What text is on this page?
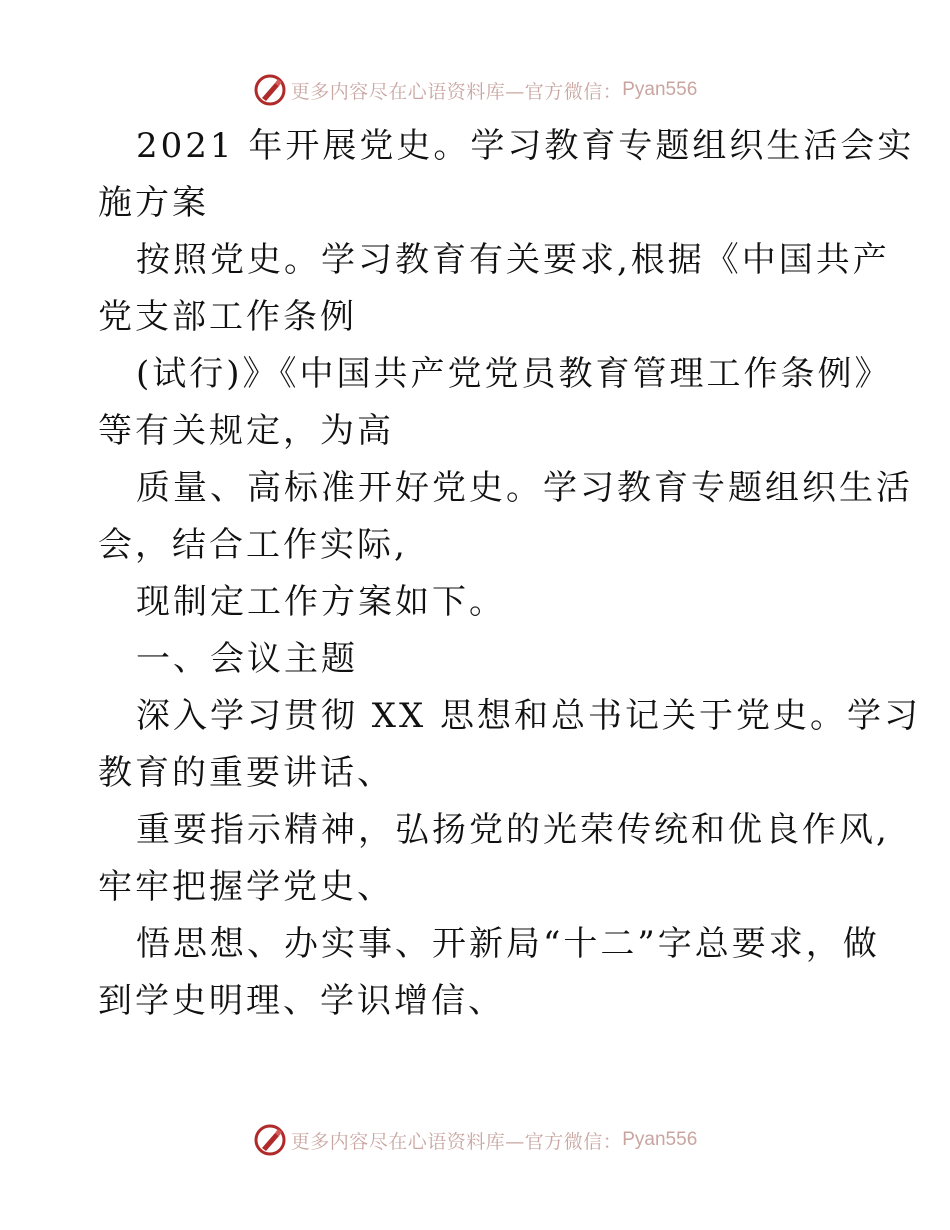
更多内容尽在心语资料库—官方微信： Pyan556
2021 年开展党史。学习教育专题组织生活会实
施方案
按照党史。学习教育有关要求,根据《中国共产
党支部工作条例
(试行)》《中国共产党党员教育管理工作条例》
等有关规定，为高
质量、高标准开好党史。学习教育专题组织生活
会，结合工作实际,
现制定工作方案如下。
一、会议主题
深入学习贯彻 XX 思想和总书记关于党史。学习
教育的重要讲话、
重要指示精神，弘扬党的光荣传统和优良作风,
牢牢把握学党史、
悟思想、办实事、开新局“十二”字总要求，做
到学史明理、学识增信、
更多内容尽在心语资料库—官方微信： Pyan556
